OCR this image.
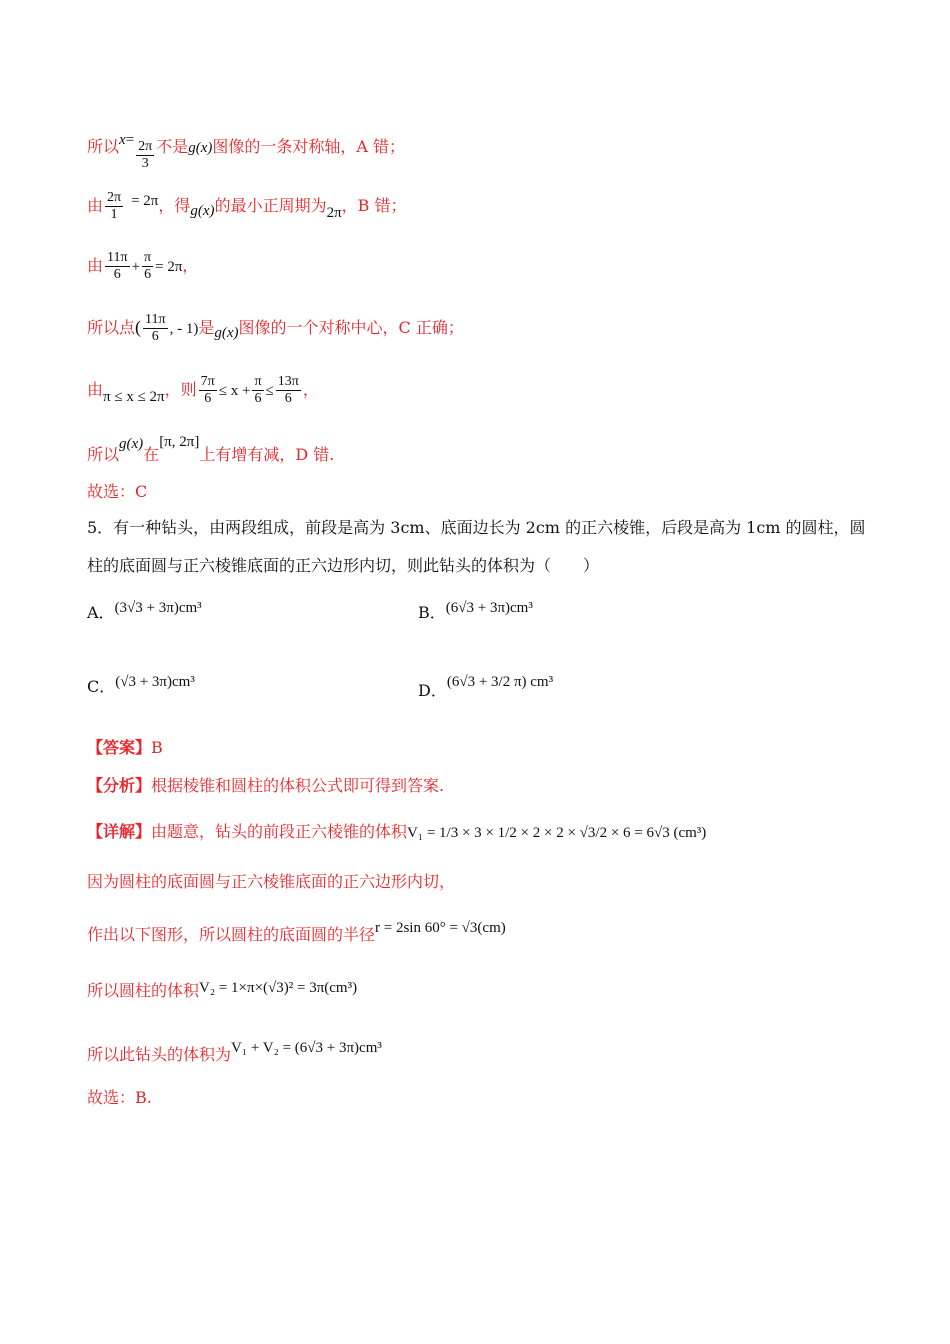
所以$x= \frac{2\pi}{3}$ 不是g(x)图像的一条对称轴，A 错；
由 $\frac{2\pi}{1} = 2\pi$，得g(x)的最小正周期为2π，B 错；
由 $\frac{11\pi}{6} + \frac{\pi}{6} = 2\pi$，
所以点( $\frac{11\pi}{6}$ , - 1)是g(x)图像的一个对称中心，C 正确；
由π ≤ x ≤ 2π，则 $\frac{7\pi}{6} \le x + \frac{\pi}{6} \le \frac{13\pi}{6}$ ，
所以g(x)在[π, 2π]上有增有减，D 错.
故选：C
5．有一种钻头，由两段组成，前段是高为 3cm、底面边长为 2cm 的正六棱锥，后段是高为 1cm 的圆柱，圆
柱的底面圆与正六棱锥底面的正六边形内切，则此钻头的体积为（　　）
A．(3√3 + 3π)cm³	B．(6√3 + 3π)cm³
C．(√3 + 3π)cm³	D．(6√3 + 3/2 π) cm³
【答案】B
【分析】根据棱锥和圆柱的体积公式即可得到答案.
【详解】由题意，钻头的前段正六棱锥的体积V₁ = 1/3 × 3 × 1/2 × 2 × 2 × √3/2 × 6 = 6√3 (cm³)
因为圆柱的底面圆与正六棱锥底面的正六边形内切，
作出以下图形，所以圆柱的底面圆的半径r = 2sin 60° = √3(cm)
所以圆柱的体积V₂ = 1×π×(√3)² = 3π(cm³)
所以此钻头的体积为V₁ + V₂ = (6√3 + 3π)cm³
故选：B.
